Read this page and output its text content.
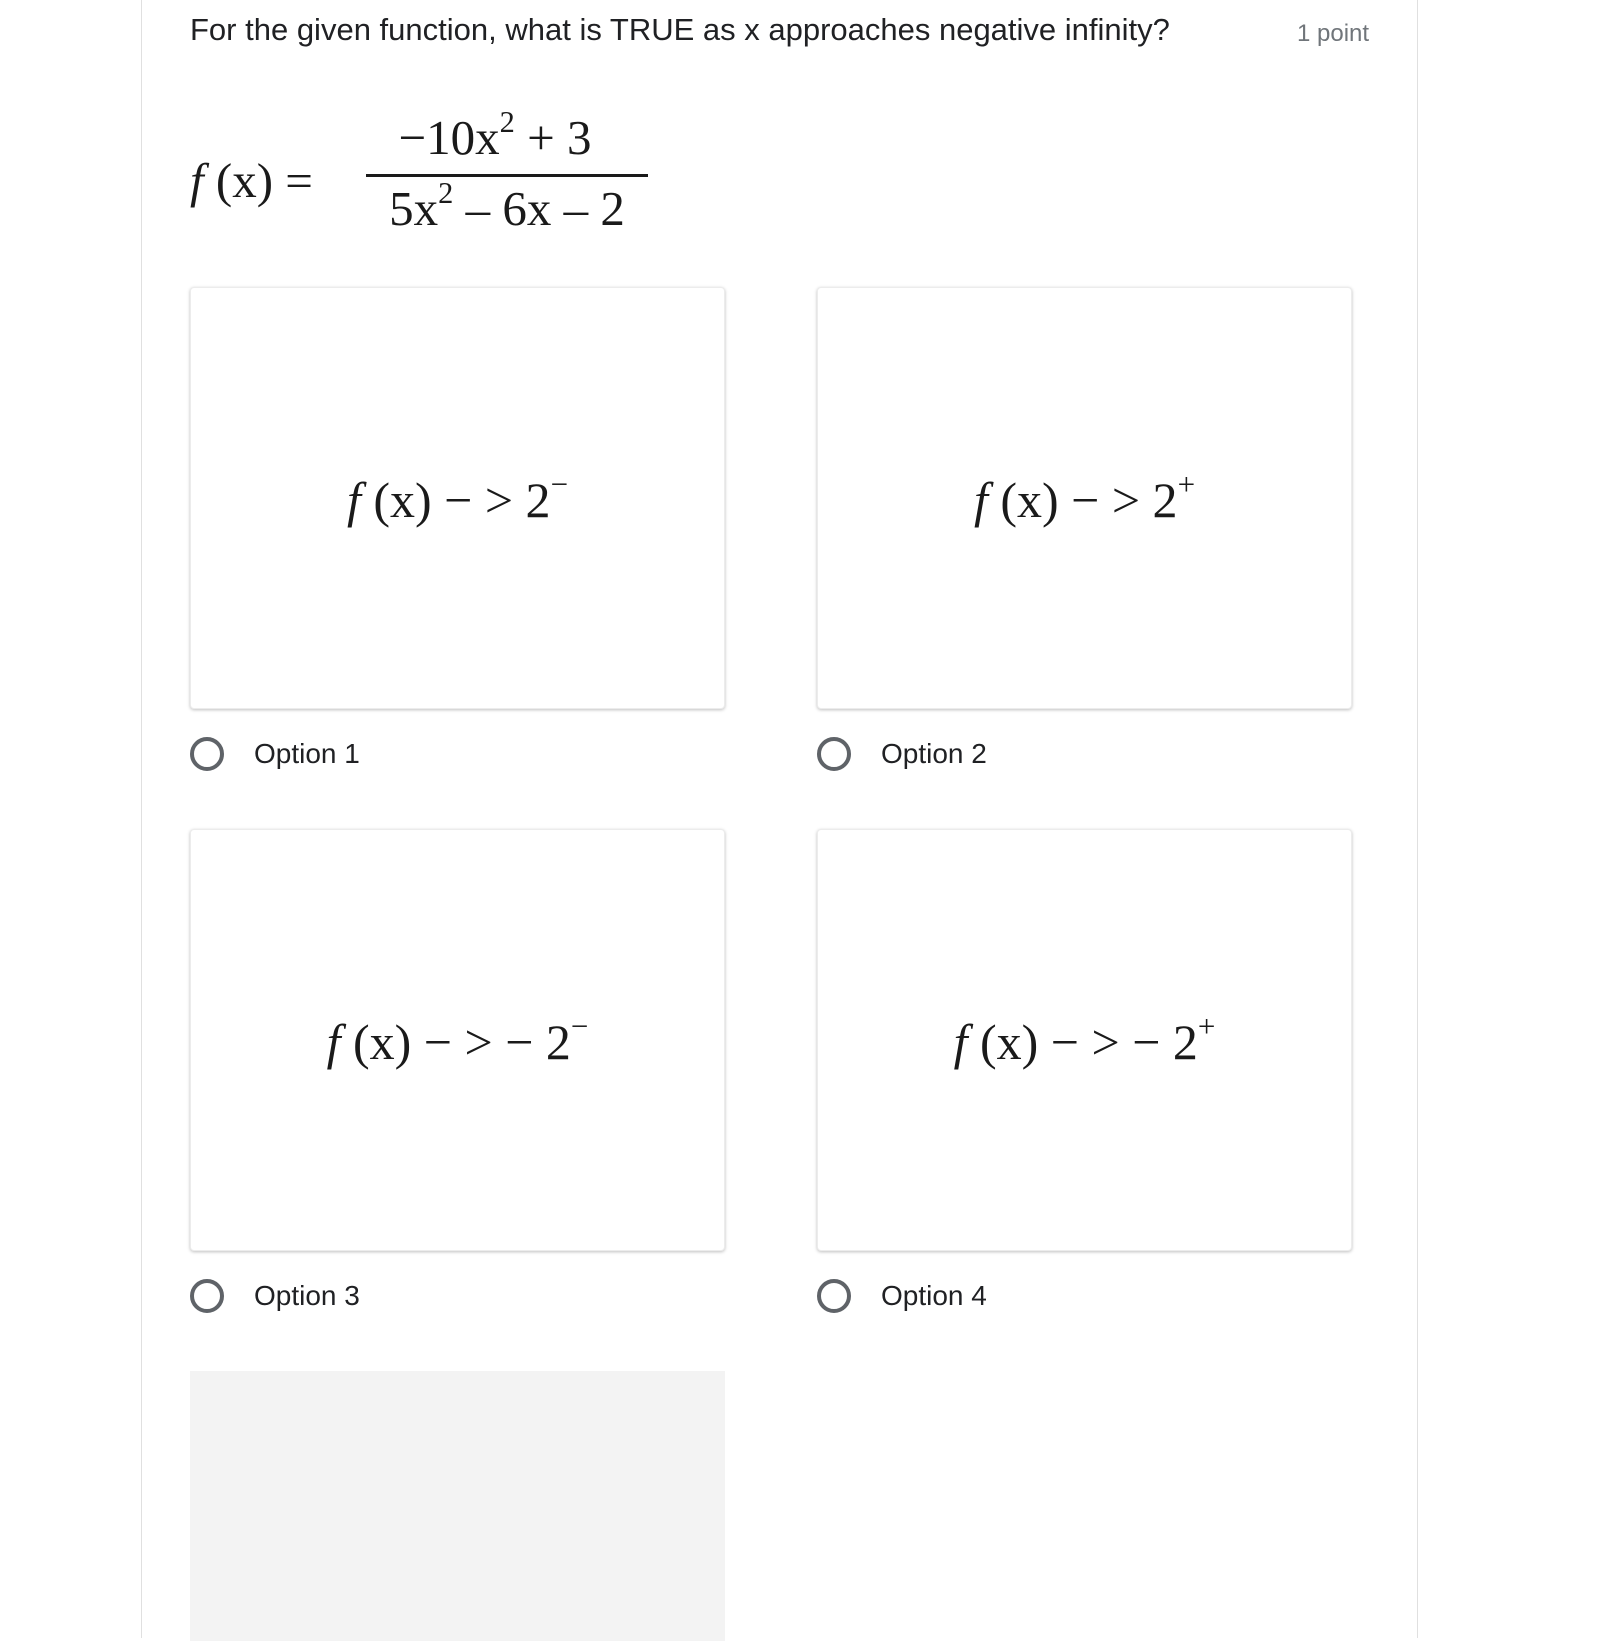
For the given function, what is TRUE as x approaches negative infinity?	1 point
f (x) =
$-10x^2 + 3$
$5x^2 - 6x - 2$
f (x) − > 2−
Option 1
f (x) − > 2+
Option 2
f (x) − > − 2−
Option 3
f (x) − > − 2+
Option 4
